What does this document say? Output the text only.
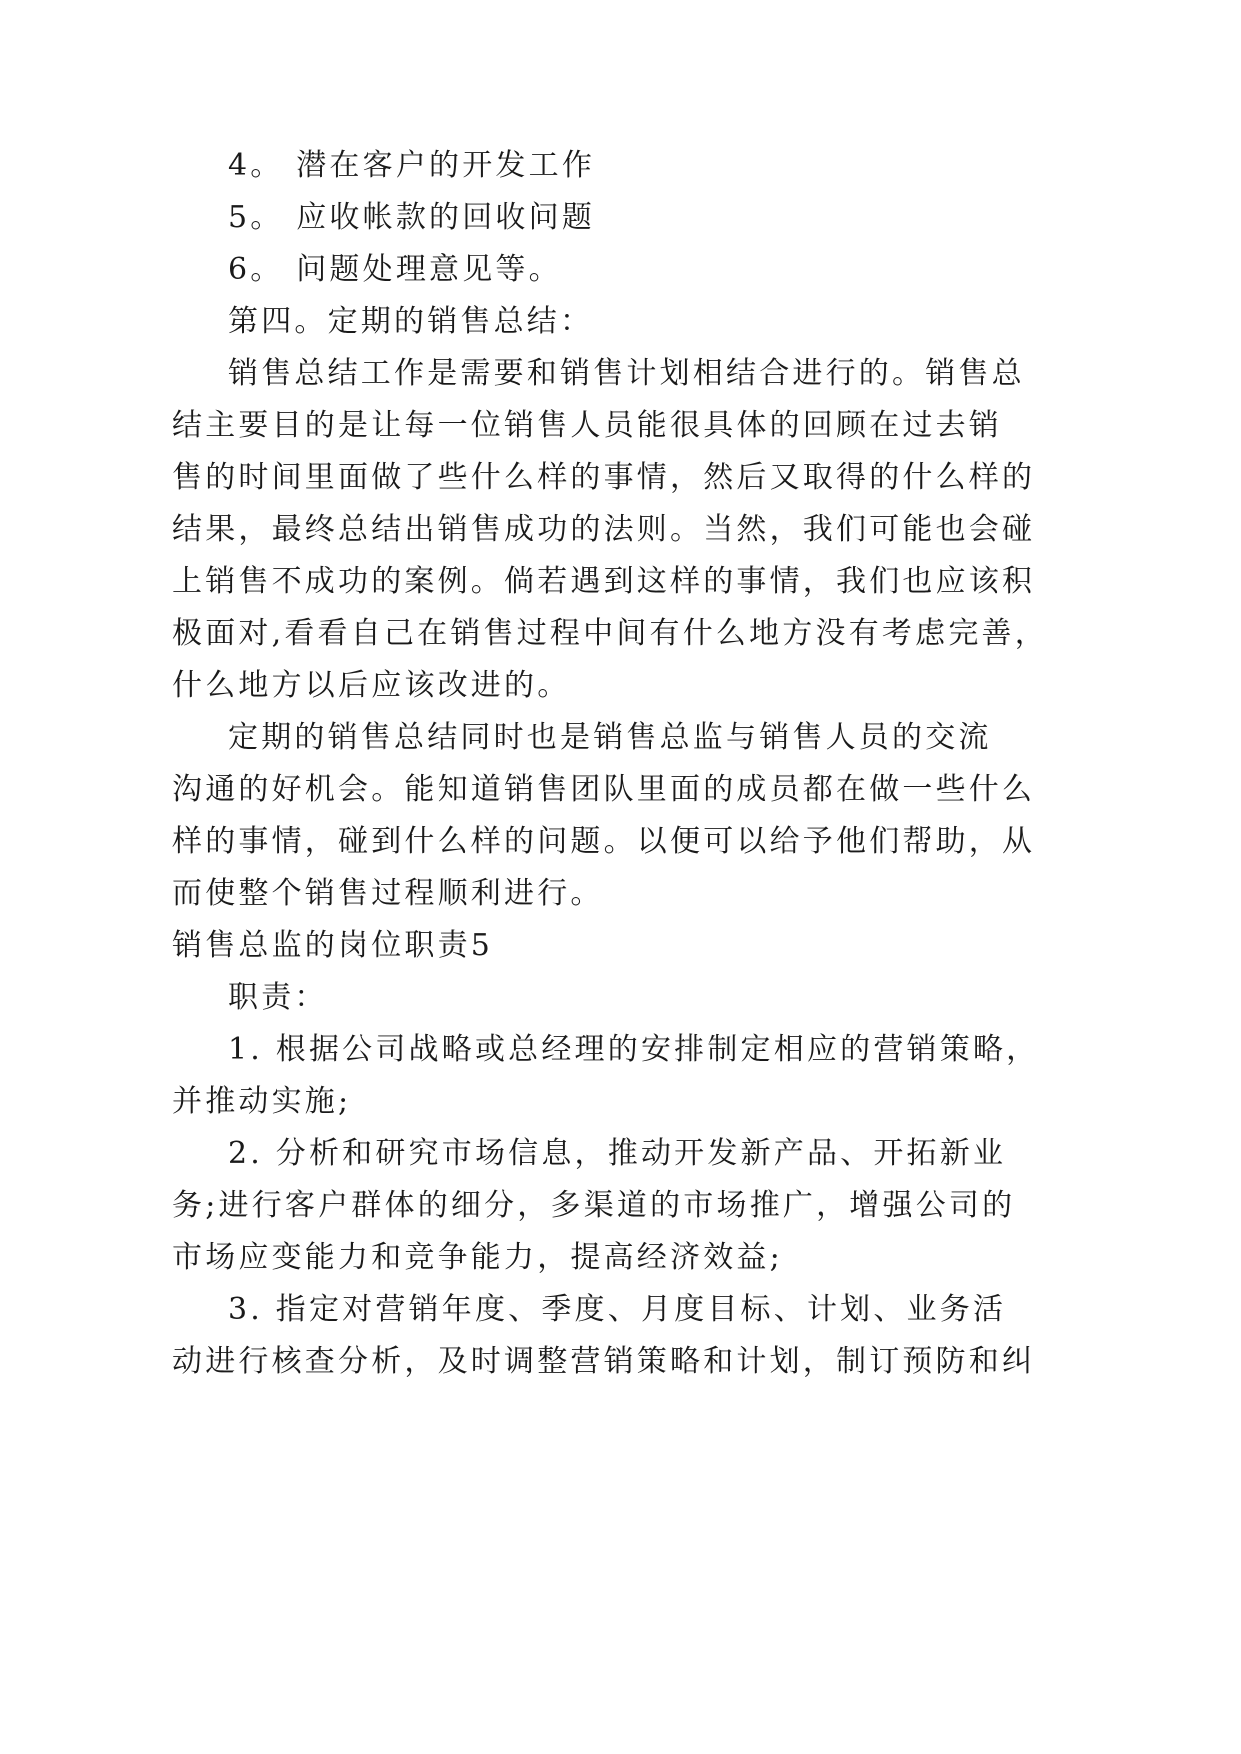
4。 潜在客户的开发工作
5。 应收帐款的回收问题
6。 问题处理意见等。
第四。定期的销售总结：
销售总结工作是需要和销售计划相结合进行的。销售总
结主要目的是让每一位销售人员能很具体的回顾在过去销
售的时间里面做了些什么样的事情，然后又取得的什么样的
结果，最终总结出销售成功的法则。当然，我们可能也会碰
上销售不成功的案例。倘若遇到这样的事情，我们也应该积
极面对,看看自己在销售过程中间有什么地方没有考虑完善，
什么地方以后应该改进的。
定期的销售总结同时也是销售总监与销售人员的交流
沟通的好机会。能知道销售团队里面的成员都在做一些什么
样的事情，碰到什么样的问题。以便可以给予他们帮助，从
而使整个销售过程顺利进行。
销售总监的岗位职责5
职责：
1. 根据公司战略或总经理的安排制定相应的营销策略，
并推动实施;
2. 分析和研究市场信息，推动开发新产品、开拓新业
务;进行客户群体的细分，多渠道的市场推广，增强公司的
市场应变能力和竞争能力，提高经济效益;
3. 指定对营销年度、季度、月度目标、计划、业务活
动进行核查分析，及时调整营销策略和计划，制订预防和纠
